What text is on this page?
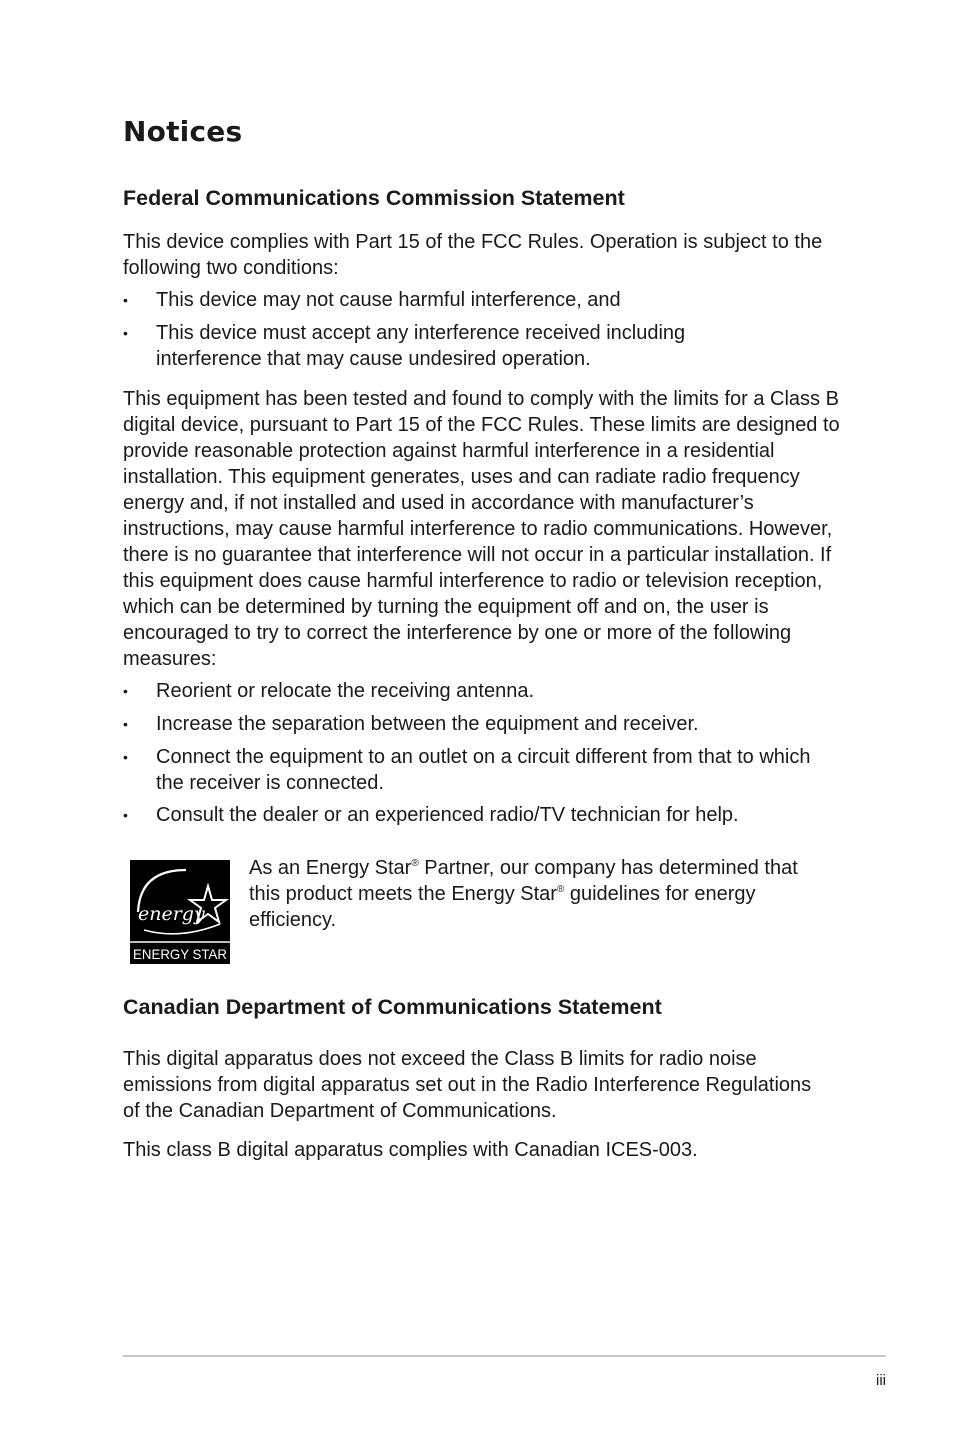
Notices
Federal Communications Commission Statement

This device complies with Part 15 of the FCC Rules. Operation is subject to the following two conditions:

•	This device may not cause harmful interference, and
•	This device must accept any interference received including interference that may cause undesired operation.

This equipment has been tested and found to comply with the limits for a Class B digital device, pursuant to Part 15 of the FCC Rules. These limits are designed to provide reasonable protection against harmful interference in a residential installation. This equipment generates, uses and can radiate radio frequency energy and, if not installed and used in accordance with manufacturer’s instructions, may cause harmful interference to radio communications. However, there is no guarantee that interference will not occur in a particular installation. If this equipment does cause harmful interference to radio or television reception, which can be determined by turning the equipment off and on, the user is encouraged to try to correct the interference by one or more of the following measures:

•	Reorient or relocate the receiving antenna.
•	Increase the separation between the equipment and receiver.
•	Connect the equipment to an outlet on a circuit different from that to which the receiver is connected.
•	Consult the dealer or an experienced radio/TV technician for help.
energy
ENERGY STAR
As an Energy Star® Partner, our company has determined that this product meets the Energy Star® guidelines for energy efficiency.
Canadian Department of Communications Statement

This digital apparatus does not exceed the Class B limits for radio noise emissions from digital apparatus set out in the Radio Interference Regulations of the Canadian Department of Communications.

This class B digital apparatus complies with Canadian ICES-003.

iii
